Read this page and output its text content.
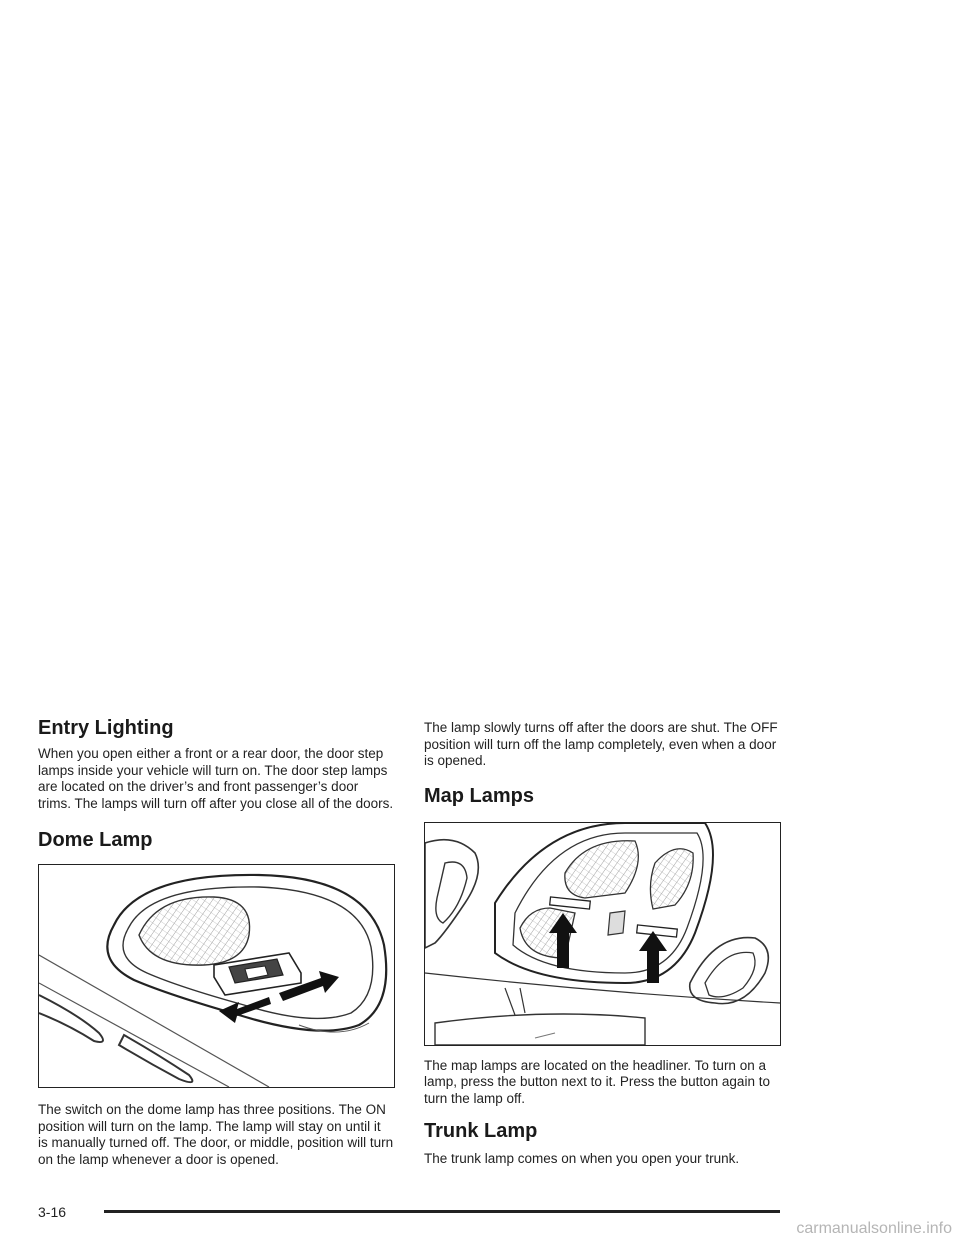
Entry Lighting

When you open either a front or a rear door, the door step lamps inside your vehicle will turn on. The door step lamps are located on the driver’s and front passenger’s door trims. The lamps will turn off after you close all of the doors.

Dome Lamp

The switch on the dome lamp has three positions. The ON position will turn on the lamp. The lamp will stay on until it is manually turned off. The door, or middle, position will turn on the lamp whenever a door is opened.

The lamp slowly turns off after the doors are shut. The OFF position will turn off the lamp completely, even when a door is opened.

Map Lamps

The map lamps are located on the headliner. To turn on a lamp, press the button next to it. Press the button again to turn the lamp off.

Trunk Lamp

The trunk lamp comes on when you open your trunk.

3-16
carmanualsonline.info
